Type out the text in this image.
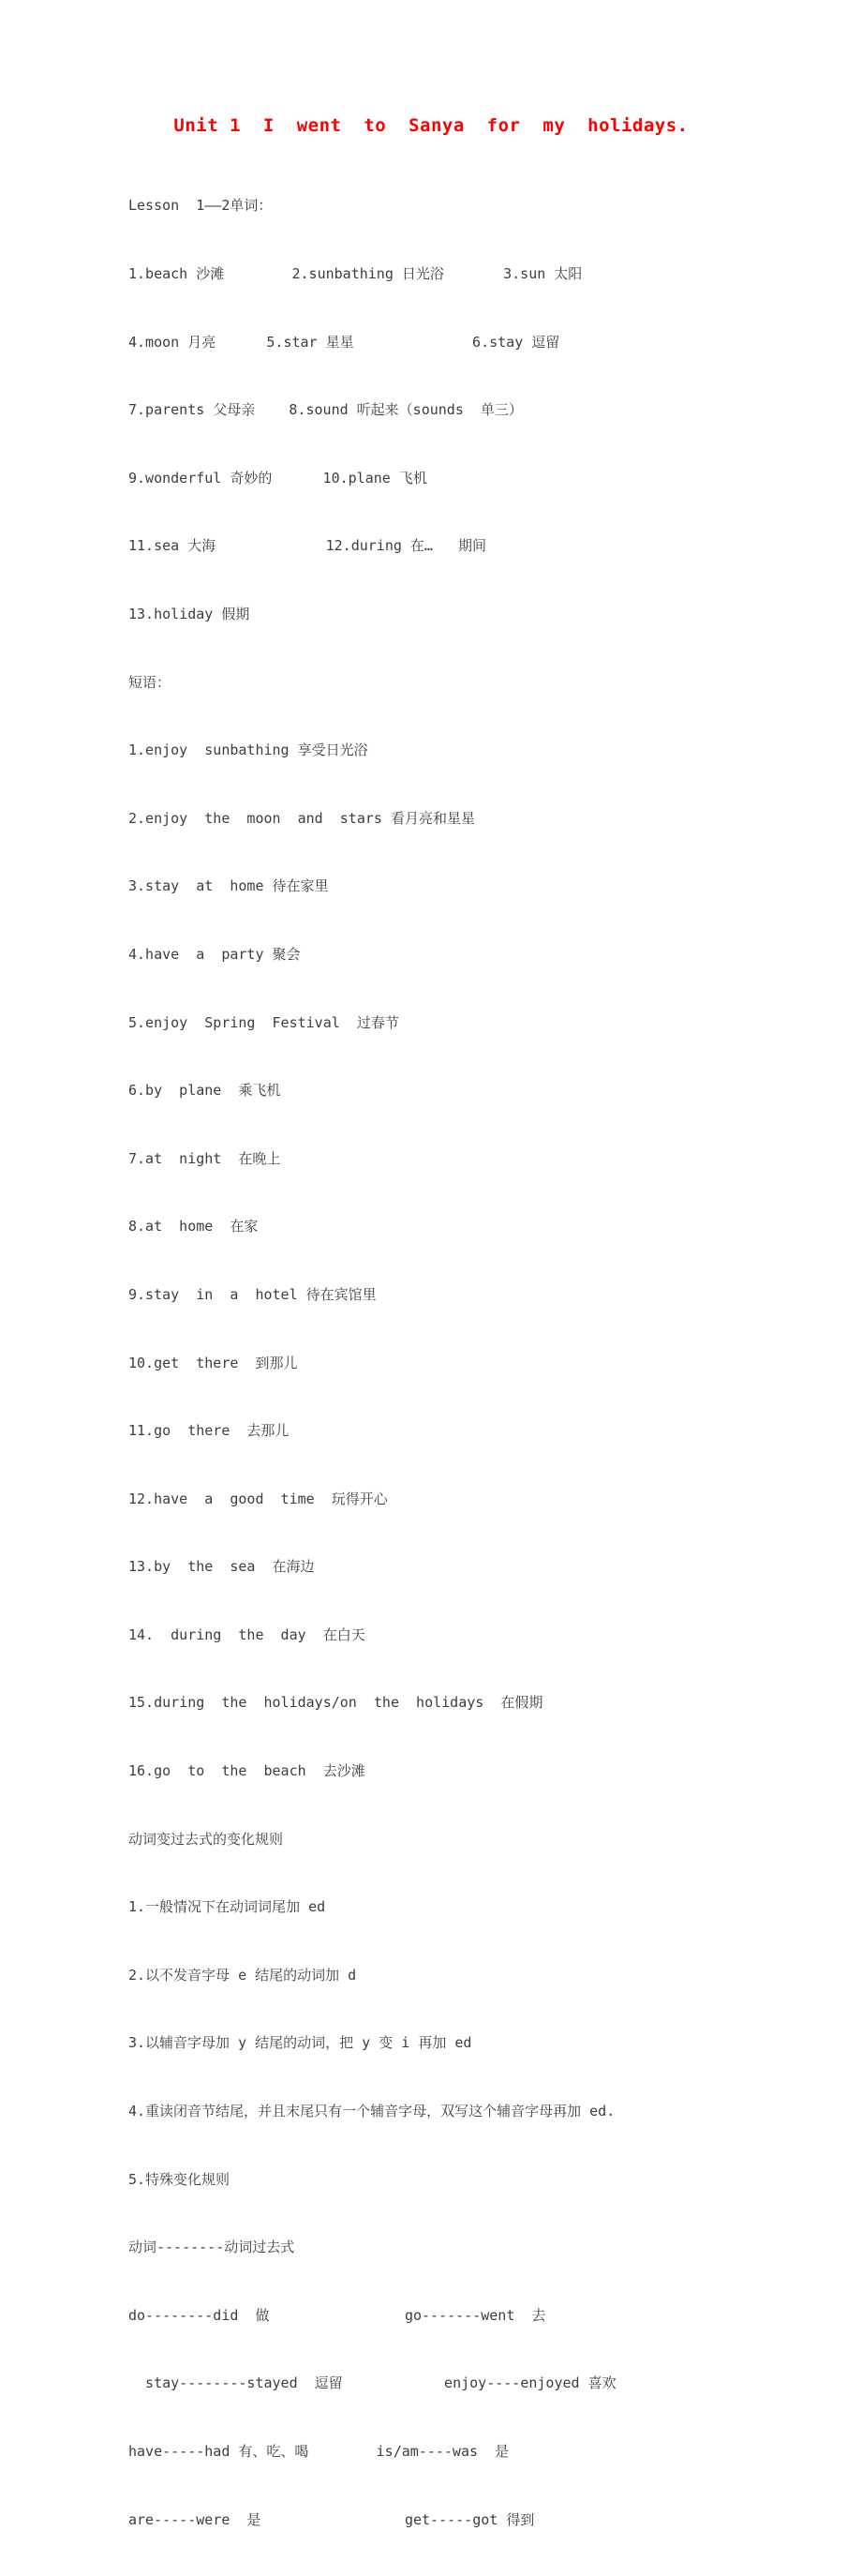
Unit 1  I  went  to  Sanya  for  my  holidays.

Lesson  1——2单词：

1.beach 沙滩        2.sunbathing 日光浴       3.sun 太阳

4.moon 月亮      5.star 星星              6.stay 逗留

7.parents 父母亲    8.sound 听起来（sounds  单三）

9.wonderful 奇妙的      10.plane 飞机

11.sea 大海             12.during 在…   期间

13.holiday 假期

短语：

1.enjoy  sunbathing 享受日光浴

2.enjoy  the  moon  and  stars 看月亮和星星

3.stay  at  home 待在家里

4.have  a  party 聚会

5.enjoy  Spring  Festival  过春节

6.by  plane  乘飞机

7.at  night  在晚上

8.at  home  在家

9.stay  in  a  hotel 待在宾馆里

10.get  there  到那儿

11.go  there  去那儿

12.have  a  good  time  玩得开心

13.by  the  sea  在海边

14.  during  the  day  在白天

15.during  the  holidays/on  the  holidays  在假期

16.go  to  the  beach  去沙滩

动词变过去式的变化规则

1.一般情况下在动词词尾加 ed

2.以不发音字母 e 结尾的动词加 d

3.以辅音字母加 y 结尾的动词，把 y 变 i 再加 ed

4.重读闭音节结尾，并且末尾只有一个辅音字母，双写这个辅音字母再加 ed.

5.特殊变化规则

动词--------动词过去式

do--------did  做                go-------went  去

stay--------stayed  逗留            enjoy----enjoyed 喜欢

have-----had 有、吃、喝        is/am----was  是

are-----were  是                 get-----got 得到
